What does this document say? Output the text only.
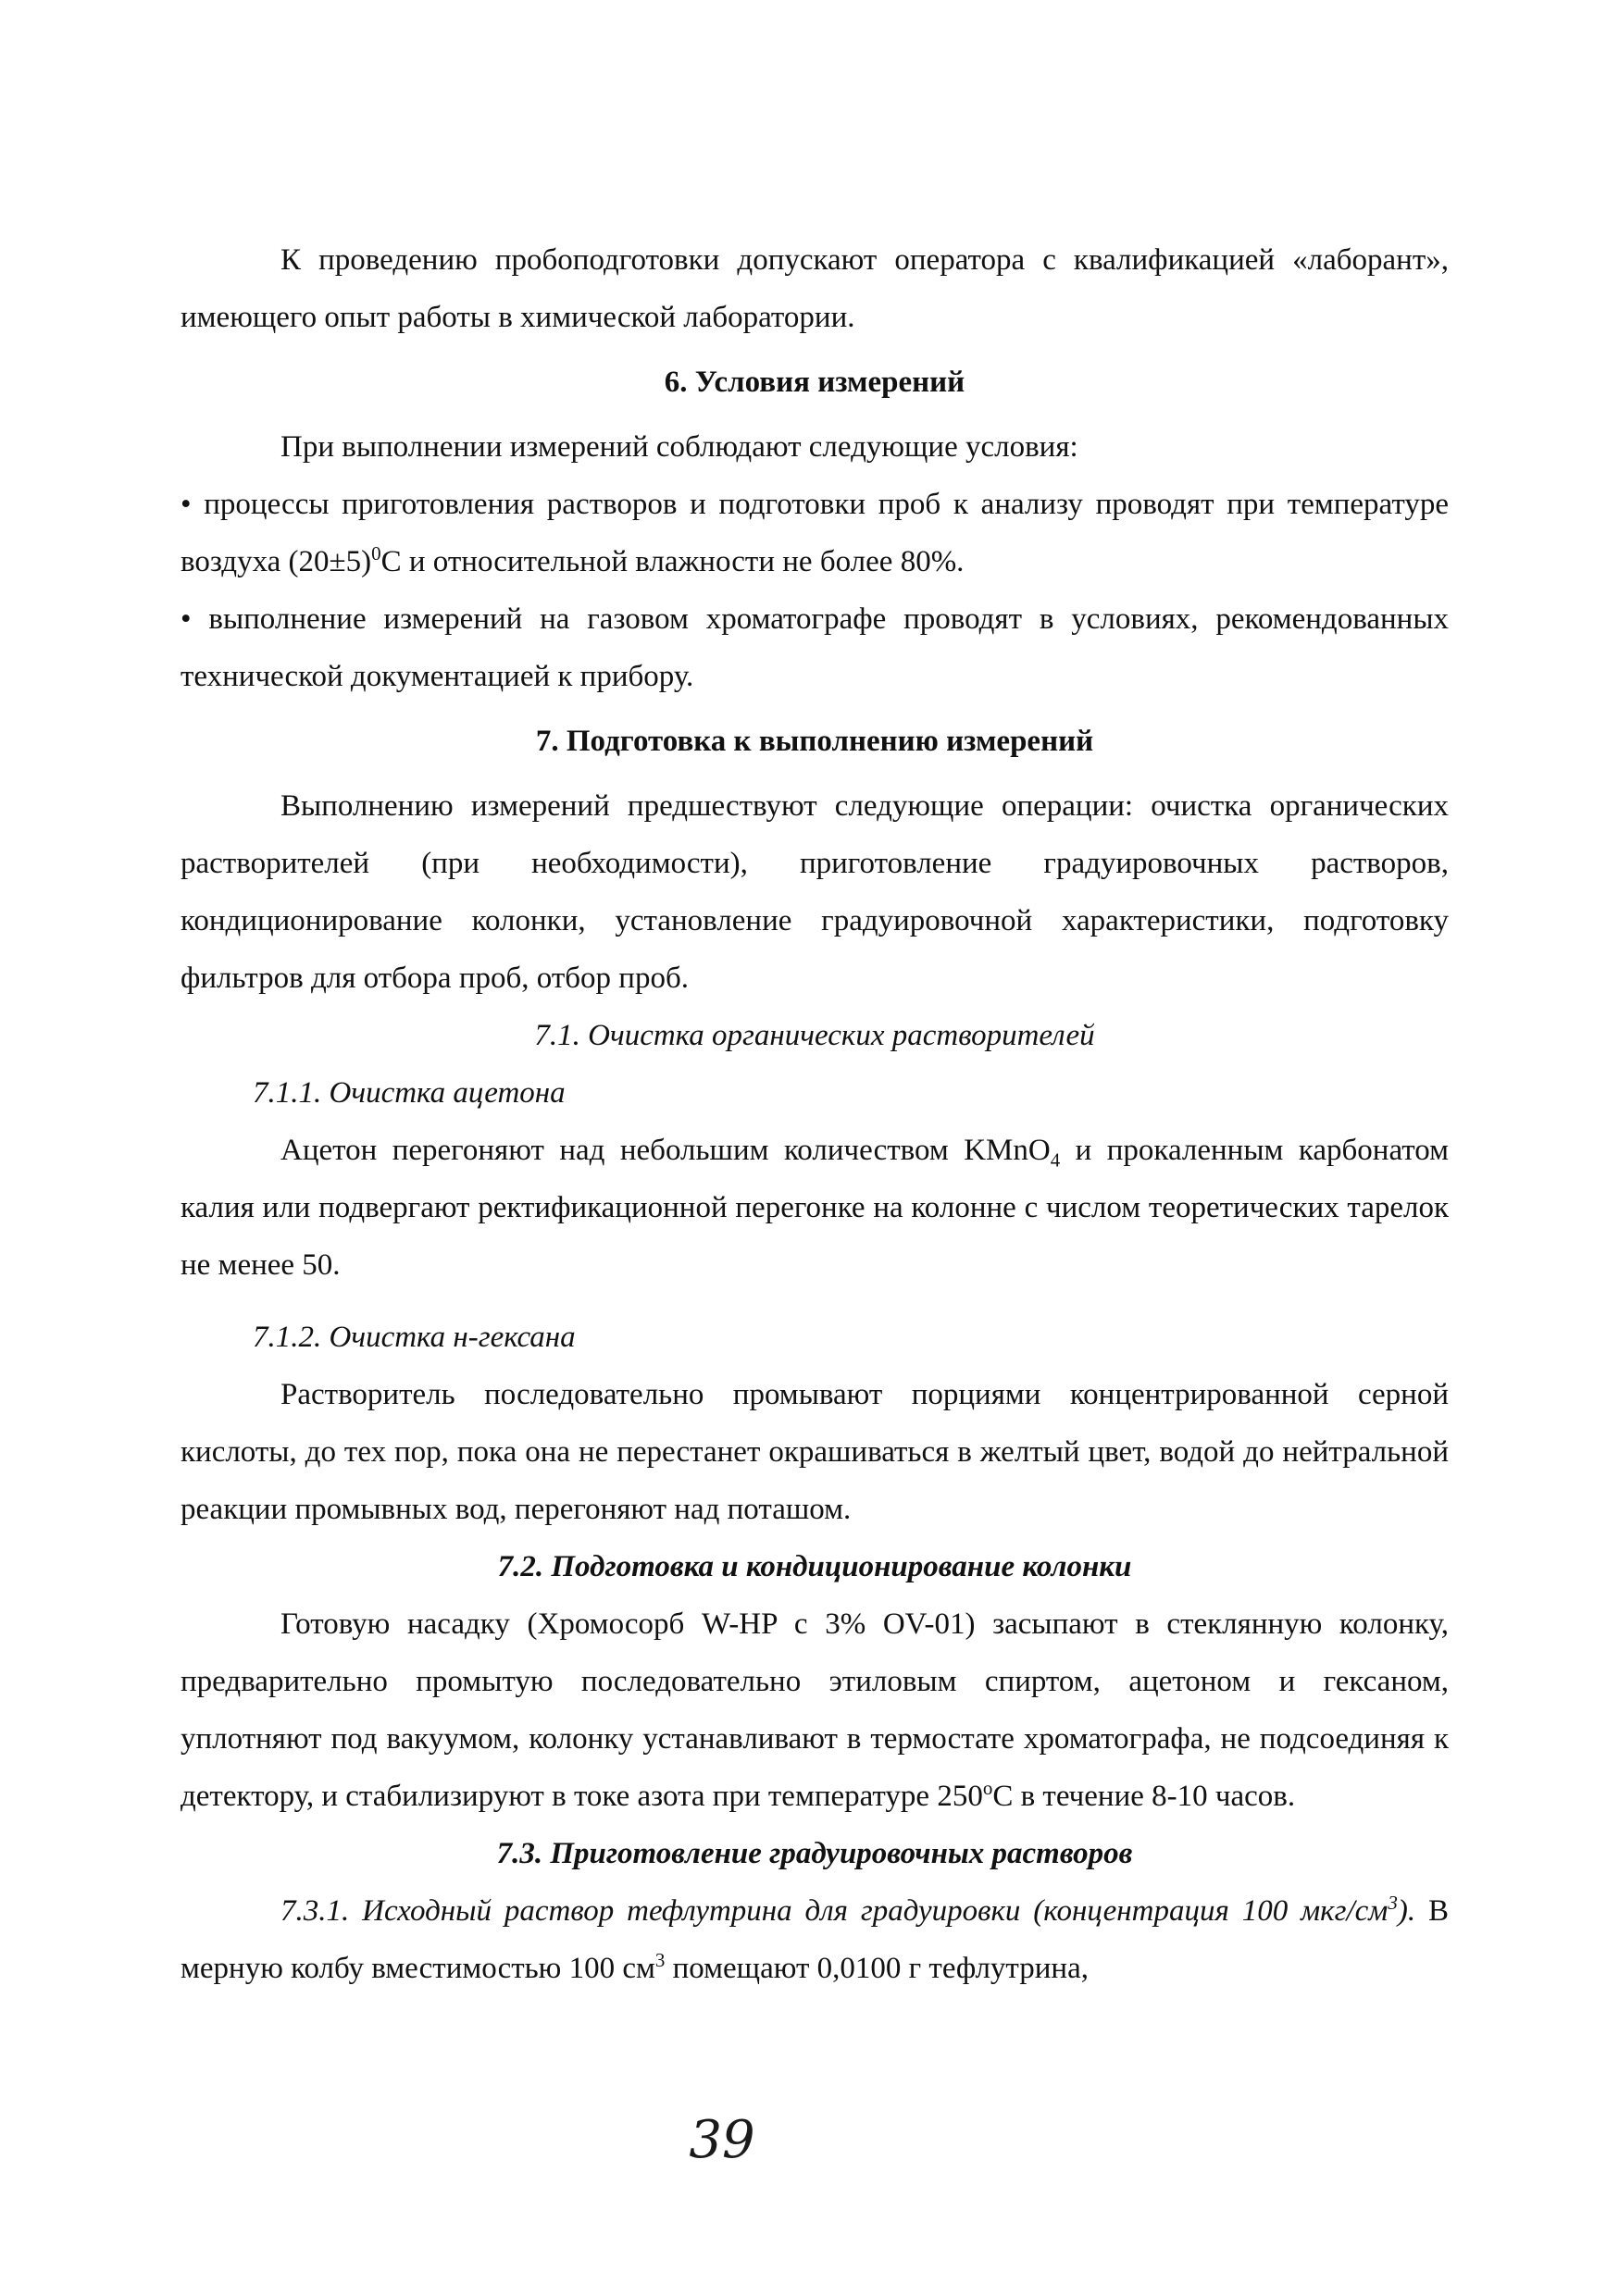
К проведению пробоподготовки допускают оператора с квалификацией «лаборант», имеющего опыт работы в химической лаборатории.

6. Условия измерений

При выполнении измерений соблюдают следующие условия:

• процессы приготовления растворов и подготовки проб к анализу проводят при температуре воздуха $(20\pm 5)^0С$ и относительной влажности не более 80%.

• выполнение измерений на газовом хроматографе проводят в условиях, рекомендованных технической документацией к прибору.

7. Подготовка к выполнению измерений

Выполнению измерений предшествуют следующие операции: очистка органических растворителей (при необходимости), приготовление градуировочных растворов, кондиционирование колонки, установление градуировочной характеристики, подготовку фильтров для отбора проб, отбор проб.

7.1. Очистка органических растворителей

7.1.1. Очистка ацетона

Ацетон перегоняют над небольшим количеством KMnO$_4$ и прокаленным карбонатом калия или подвергают ректификационной перегонке на колонне с числом теоретических тарелок не менее 50.

7.1.2. Очистка н-гексана

Растворитель последовательно промывают порциями концентрированной серной кислоты, до тех пор, пока она не перестанет окрашиваться в желтый цвет, водой до нейтральной реакции промывных вод, перегоняют над поташом.

7.2. Подготовка и кондиционирование колонки

Готовую насадку (Хромосорб W-HP с 3% OV-01) засыпают в стеклянную колонку, предварительно промытую последовательно этиловым спиртом, ацетоном и гексаном, уплотняют под вакуумом, колонку устанавливают в термостате хроматографа, не подсоединяя к детектору, и стабилизируют в токе азота при температуре $250^оС$ в течение 8-10 часов.

7.3. Приготовление градуировочных растворов

7.3.1. Исходный раствор тефлутрина для градуировки (концентрация 100 мкг/$см^3$). В мерную колбу вместимостью 100 $см^3$ помещают 0,0100 г тефлутрина,

39
